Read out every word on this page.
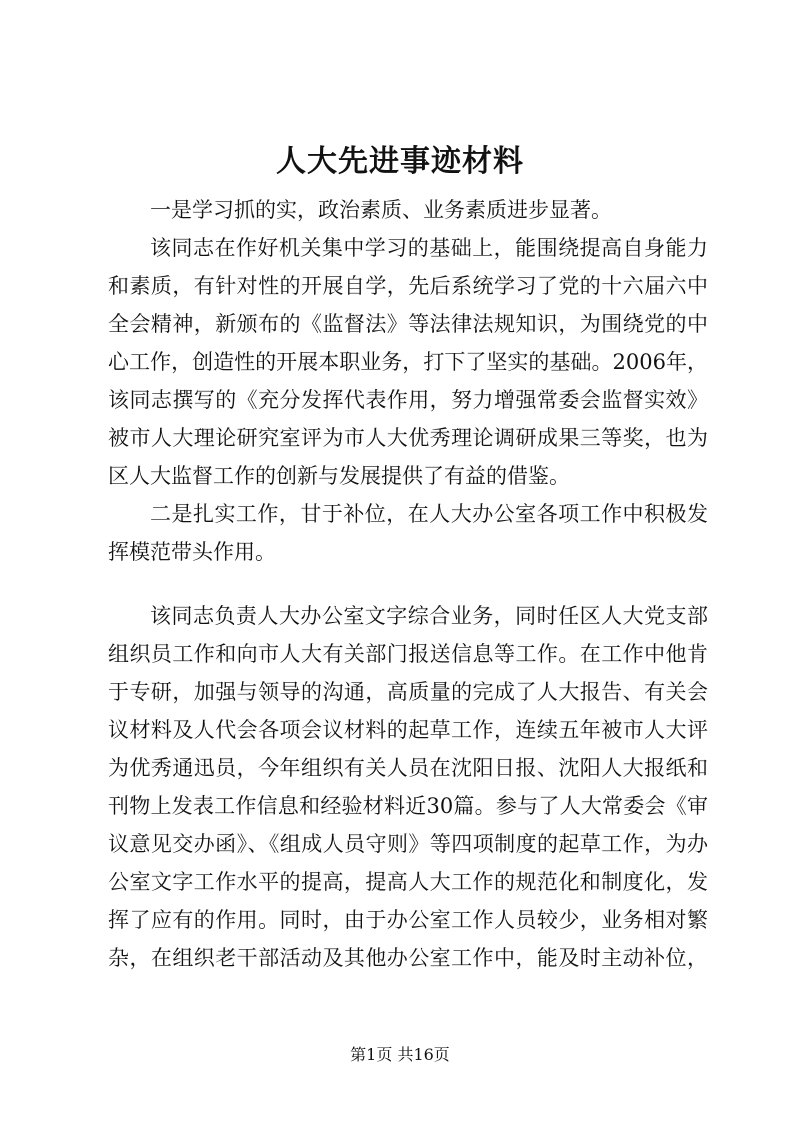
人大先进事迹材料
一是学习抓的实，政治素质、业务素质进步显著。
该同志在作好机关集中学习的基础上，能围绕提高自身能力
和素质，有针对性的开展自学，先后系统学习了党的十六届六中
全会精神，新颁布的《监督法》等法律法规知识，为围绕党的中
心工作，创造性的开展本职业务，打下了坚实的基础。2006年，
该同志撰写的《充分发挥代表作用，努力增强常委会监督实效》
被市人大理论研究室评为市人大优秀理论调研成果三等奖，也为
区人大监督工作的创新与发展提供了有益的借鉴。
二是扎实工作，甘于补位，在人大办公室各项工作中积极发
挥模范带头作用。
该同志负责人大办公室文字综合业务，同时任区人大党支部
组织员工作和向市人大有关部门报送信息等工作。在工作中他肯
于专研，加强与领导的沟通，高质量的完成了人大报告、有关会
议材料及人代会各项会议材料的起草工作，连续五年被市人大评
为优秀通迅员，今年组织有关人员在沈阳日报、沈阳人大报纸和
刊物上发表工作信息和经验材料近30篇。参与了人大常委会《审
议意见交办函》、《组成人员守则》等四项制度的起草工作，为办
公室文字工作水平的提高，提高人大工作的规范化和制度化，发
挥了应有的作用。同时，由于办公室工作人员较少，业务相对繁
杂，在组织老干部活动及其他办公室工作中，能及时主动补位，
第1页 共16页
